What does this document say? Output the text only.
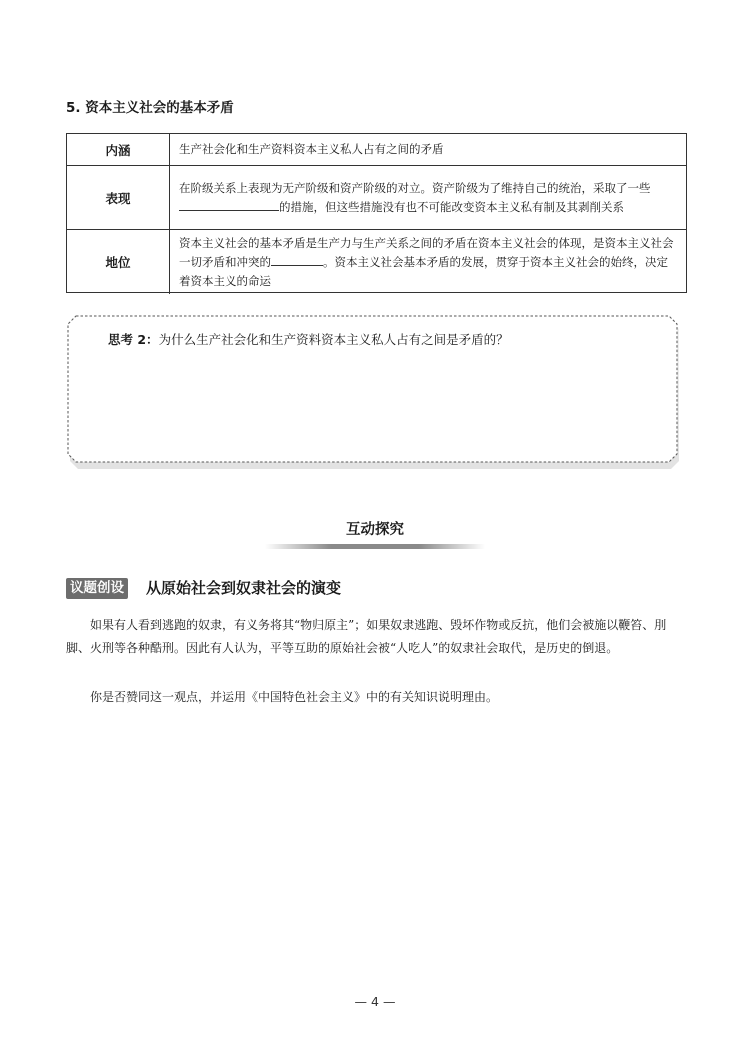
5. 资本主义社会的基本矛盾
内涵	生产社会化和生产资料资本主义私人占有之间的矛盾
表现
在阶级关系上表现为无产阶级和资产阶级的对立。资产阶级为了维持自己的统治，采取了一些的措施，但这些措施没有也不可能改变资本主义私有制及其剥削关系
地位
资本主义社会的基本矛盾是生产力与生产关系之间的矛盾在资本主义社会的体现，是资本主义社会一切矛盾和冲突的	。资本主义社会基本矛盾的发展，贯穿于资本主义社会的始终，决定着资本主义的命运
思考 2：为什么生产社会化和生产资料资本主义私人占有之间是矛盾的？
互动探究
议题创设 从原始社会到奴隶社会的演变
如果有人看到逃跑的奴隶，有义务将其“物归原主”；如果奴隶逃跑、毁坏作物或反抗，他们会被施以鞭笞、刖脚、火刑等各种酷刑。因此有人认为，平等互助的原始社会被“人吃人”的奴隶社会取代，是历史的倒退。
你是否赞同这一观点，并运用《中国特色社会主义》中的有关知识说明理由。
— 4 —
